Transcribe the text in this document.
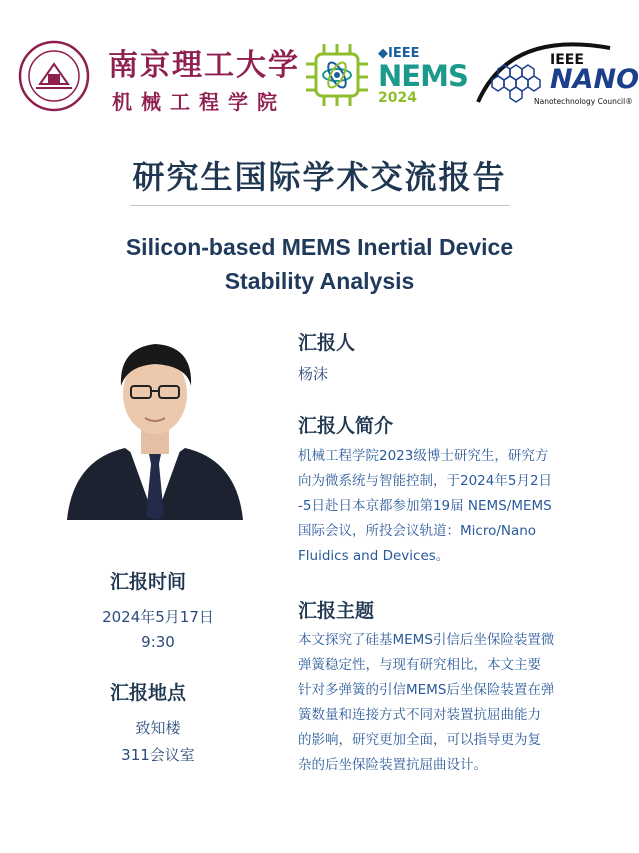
南京理工大学
机械工程学院
◆IEEE
NEMS
2024
IEEE
NANO
Nanotechnology Council®
研究生国际学术交流报告
Silicon-based MEMS Inertial Device
Stability Analysis
汇报人
杨沫
汇报人简介
机械工程学院2023级博士研究生，研究方
向为微系统与智能控制，于2024年5月2日
-5日赴日本京都参加第19届 NEMS/MEMS
国际会议，所投会议轨道：Micro/Nano
Fluidics and Devices。
汇报时间
2024年5月17日
9:30
汇报地点
致知楼
311会议室
汇报主题
本文探究了硅基MEMS引信后坐保险装置微
弹簧稳定性，与现有研究相比，本文主要
针对多弹簧的引信MEMS后坐保险装置在弹
簧数量和连接方式不同对装置抗屈曲能力
的影响，研究更加全面，可以指导更为复
杂的后坐保险装置抗屈曲设计。
